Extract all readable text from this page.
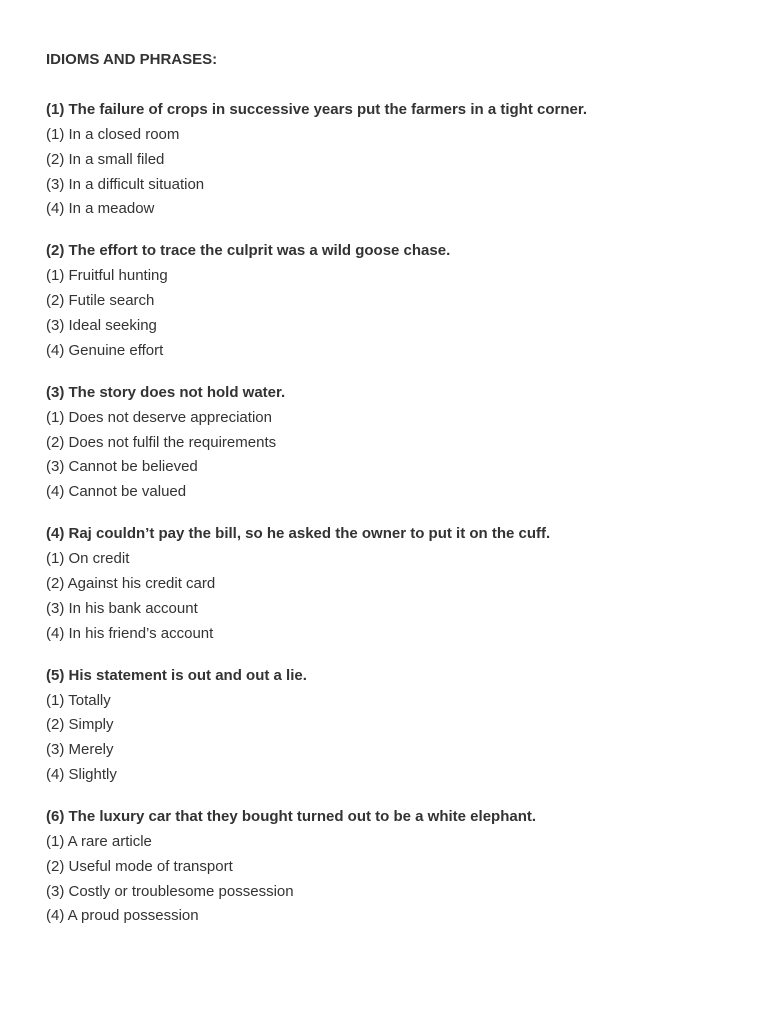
IDIOMS AND PHRASES:
(1) The failure of crops in successive years put the farmers in a tight corner.
(1) In a closed room
(2) In a small filed
(3) In a difficult situation
(4) In a meadow
(2) The effort to trace the culprit was a wild goose chase.
(1) Fruitful hunting
(2) Futile search
(3) Ideal seeking
(4) Genuine effort
(3) The story does not hold water.
(1) Does not deserve appreciation
(2) Does not fulfil the requirements
(3) Cannot be believed
(4) Cannot be valued
(4) Raj couldn’t pay the bill, so he asked the owner to put it on the cuff.
(1) On credit
(2) Against his credit card
(3) In his bank account
(4) In his friend’s account
(5) His statement is out and out a lie.
(1) Totally
(2) Simply
(3) Merely
(4) Slightly
(6) The luxury car that they bought turned out to be a white elephant.
(1) A rare article
(2) Useful mode of transport
(3) Costly or troublesome possession
(4) A proud possession
